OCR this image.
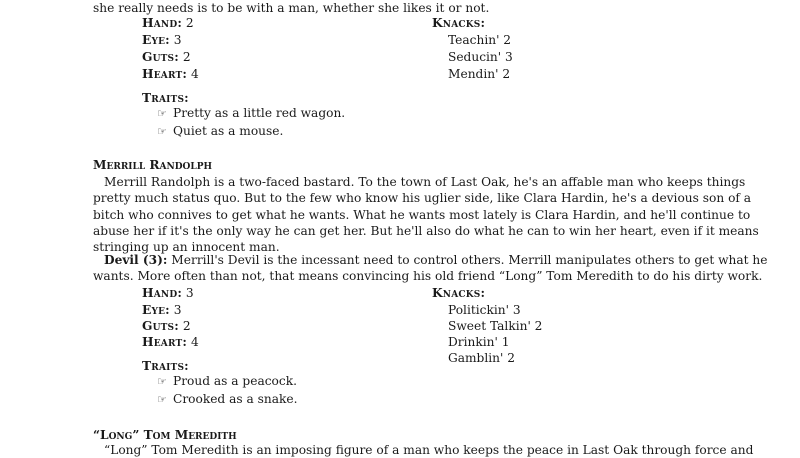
she really needs is to be with a man, whether she likes it or not.
Hand: 2
Eye: 3
Guts: 2
Heart: 4
Knacks:
Teachin' 2
Seducin' 3
Mendin' 2
Traits:
☞ Pretty as a little red wagon.
☞ Quiet as a mouse.
Merrill Randolph
Merrill Randolph is a two-faced bastard. To the town of Last Oak, he's an affable man who keeps things
pretty much status quo. But to the few who know his uglier side, like Clara Hardin, he's a devious son of a
bitch who connives to get what he wants. What he wants most lately is Clara Hardin, and he'll continue to
abuse her if it's the only way he can get her. But he'll also do what he can to win her heart, even if it means
stringing up an innocent man.
Devil (3): Merrill's Devil is the incessant need to control others. Merrill manipulates others to get what he
wants. More often than not, that means convincing his old friend “Long” Tom Meredith to do his dirty work.
Hand: 3
Eye: 3
Guts: 2
Heart: 4
Knacks:
Politickin' 3
Sweet Talkin' 2
Drinkin' 1
Gamblin' 2
Traits:
☞ Proud as a peacock.
☞ Crooked as a snake.
“Long” Tom Meredith
“Long” Tom Meredith is an imposing figure of a man who keeps the peace in Last Oak through force and
